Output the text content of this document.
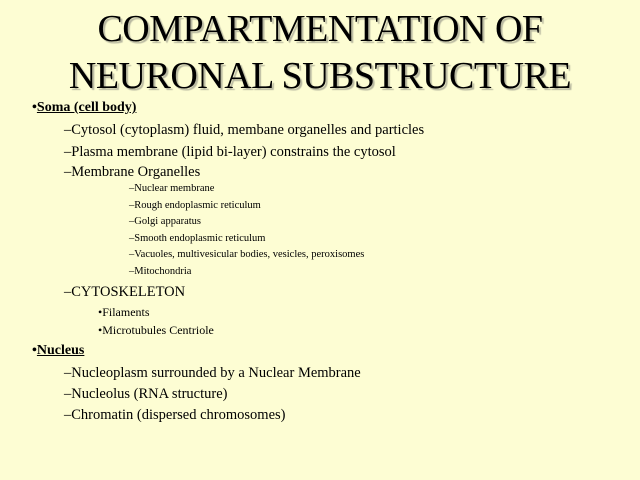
COMPARTMENTATION OF
NEURONAL SUBSTRUCTURE
•Soma (cell body)
–Cytosol (cytoplasm) fluid, membane organelles and particles
–Plasma membrane (lipid bi-layer) constrains the cytosol
–Membrane Organelles
–Nuclear membrane
–Rough endoplasmic reticulum
–Golgi apparatus
–Smooth endoplasmic reticulum
–Vacuoles, multivesicular bodies, vesicles, peroxisomes
–Mitochondria
–CYTOSKELETON
•Filaments
•Microtubules Centriole
•Nucleus
–Nucleoplasm surrounded by a Nuclear Membrane
–Nucleolus (RNA structure)
–Chromatin (dispersed chromosomes)
